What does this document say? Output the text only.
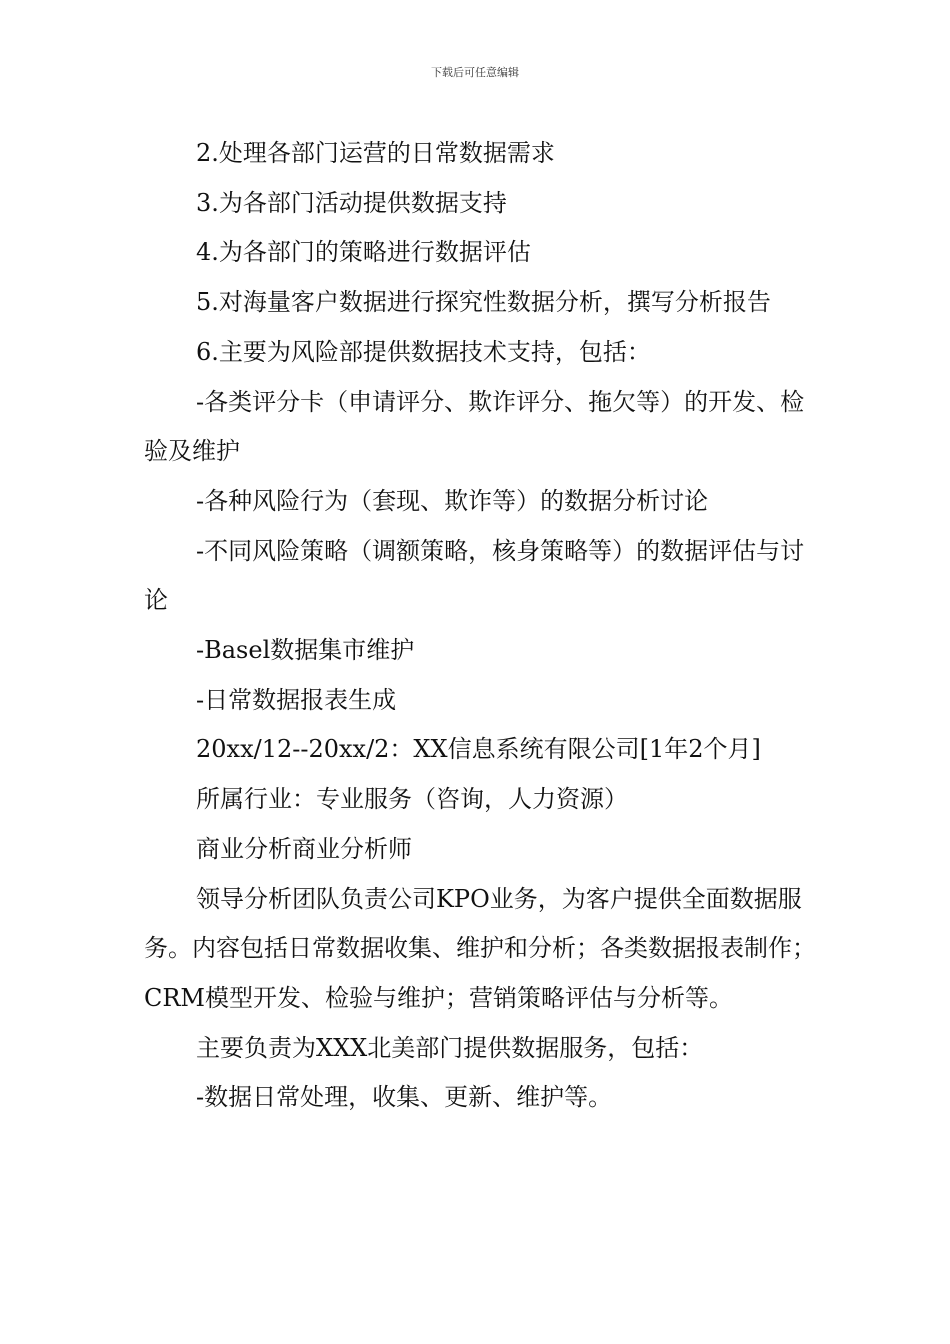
下载后可任意编辑

2.处理各部门运营的日常数据需求

3.为各部门活动提供数据支持

4.为各部门的策略进行数据评估

5.对海量客户数据进行探究性数据分析，撰写分析报告

6.主要为风险部提供数据技术支持，包括：

-各类评分卡（申请评分、欺诈评分、拖欠等）的开发、检验及维护

-各种风险行为（套现、欺诈等）的数据分析讨论

-不同风险策略（调额策略，核身策略等）的数据评估与讨论

-Basel数据集市维护

-日常数据报表生成

20xx/12--20xx/2：XX信息系统有限公司[1年2个月]

所属行业：专业服务（咨询，人力资源）

商业分析商业分析师

领导分析团队负责公司KPO业务，为客户提供全面数据服务。内容包括日常数据收集、维护和分析；各类数据报表制作；CRM模型开发、检验与维护；营销策略评估与分析等。

主要负责为XXX北美部门提供数据服务，包括：

-数据日常处理，收集、更新、维护等。
